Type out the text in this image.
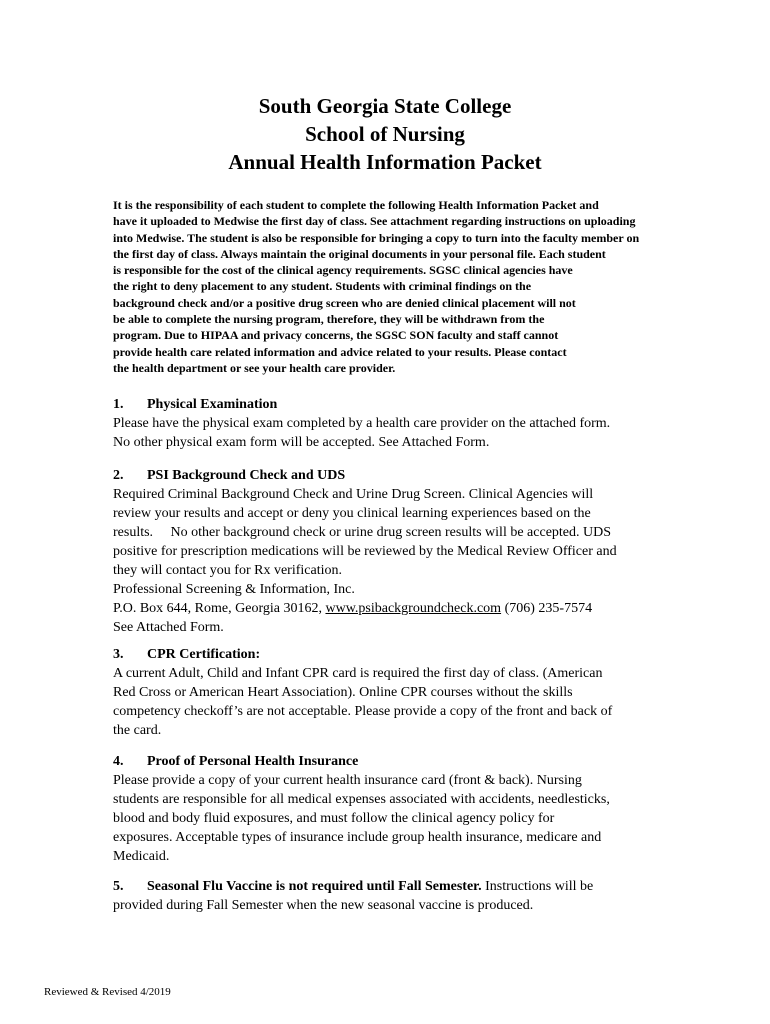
South Georgia State College

School of Nursing

Annual Health Information Packet

It is the responsibility of each student to complete the following Health Information Packet and
have it uploaded to Medwise the first day of class. See attachment regarding instructions on uploading
into Medwise. The student is also be responsible for bringing a copy to turn into the faculty member on
the first day of class. Always maintain the original documents in your personal file. Each student
is responsible for the cost of the clinical agency requirements. SGSC clinical agencies have
the right to deny placement to any student. Students with criminal findings on the
background check and/or a positive drug screen who are denied clinical placement will not
be able to complete the nursing program, therefore, they will be withdrawn from the
program. Due to HIPAA and privacy concerns, the SGSC SON faculty and staff cannot
provide health care related information and advice related to your results. Please contact
the health department or see your health care provider.
1. Physical Examination
Please have the physical exam completed by a health care provider on the attached form.
No other physical exam form will be accepted. See Attached Form.
2. PSI Background Check and UDS
Required Criminal Background Check and Urine Drug Screen. Clinical Agencies will
review your results and accept or deny you clinical learning experiences based on the
results.     No other background check or urine drug screen results will be accepted. UDS
positive for prescription medications will be reviewed by the Medical Review Officer and
they will contact you for Rx verification.
Professional Screening & Information, Inc.
P.O. Box 644, Rome, Georgia 30162, www.psibackgroundcheck.com (706) 235-7574
See Attached Form.
3. CPR Certification:
A current Adult, Child and Infant CPR card is required the first day of class. (American
Red Cross or American Heart Association). Online CPR courses without the skills
competency checkoff’s are not acceptable. Please provide a copy of the front and back of
the card.
4. Proof of Personal Health Insurance
Please provide a copy of your current health insurance card (front & back). Nursing
students are responsible for all medical expenses associated with accidents, needlesticks,
blood and body fluid exposures, and must follow the clinical agency policy for
exposures. Acceptable types of insurance include group health insurance, medicare and
Medicaid.
5. Seasonal Flu Vaccine is not required until Fall Semester. Instructions will be
provided during Fall Semester when the new seasonal vaccine is produced.
Reviewed & Revised 4/2019
